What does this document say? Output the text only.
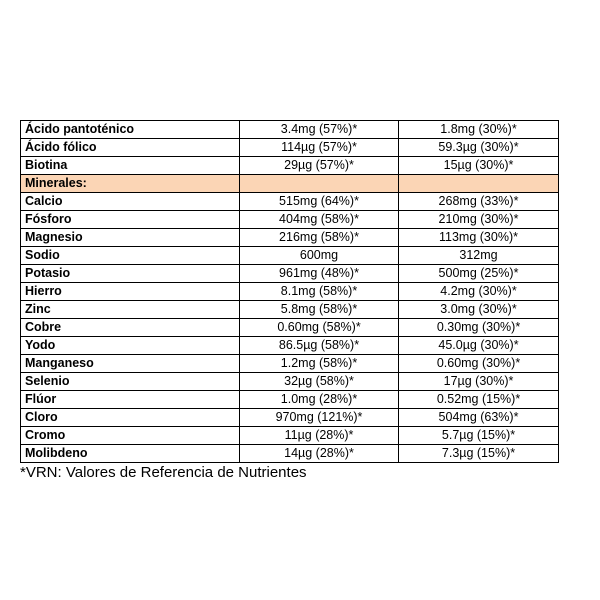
Ácido pantoténico	3.4mg (57%)*	1.8mg (30%)*
Ácido fólico	114µg (57%)*	59.3µg (30%)*
Biotina	29µg (57%)*	15µg (30%)*
Minerales:		
Calcio	515mg (64%)*	268mg (33%)*
Fósforo	404mg (58%)*	210mg (30%)*
Magnesio	216mg (58%)*	113mg (30%)*
Sodio	600mg	312mg
Potasio	961mg (48%)*	500mg (25%)*
Hierro	8.1mg (58%)*	4.2mg (30%)*
Zinc	5.8mg (58%)*	3.0mg (30%)*
Cobre	0.60mg (58%)*	0.30mg (30%)*
Yodo	86.5µg (58%)*	45.0µg (30%)*
Manganeso	1.2mg (58%)*	0.60mg (30%)*
Selenio	32µg (58%)*	17µg (30%)*
Flúor	1.0mg (28%)*	0.52mg (15%)*
Cloro	970mg (121%)*	504mg (63%)*
Cromo	11µg (28%)*	5.7µg (15%)*
Molibdeno	14µg (28%)*	7.3µg (15%)*
*VRN: Valores de Referencia de Nutrientes
